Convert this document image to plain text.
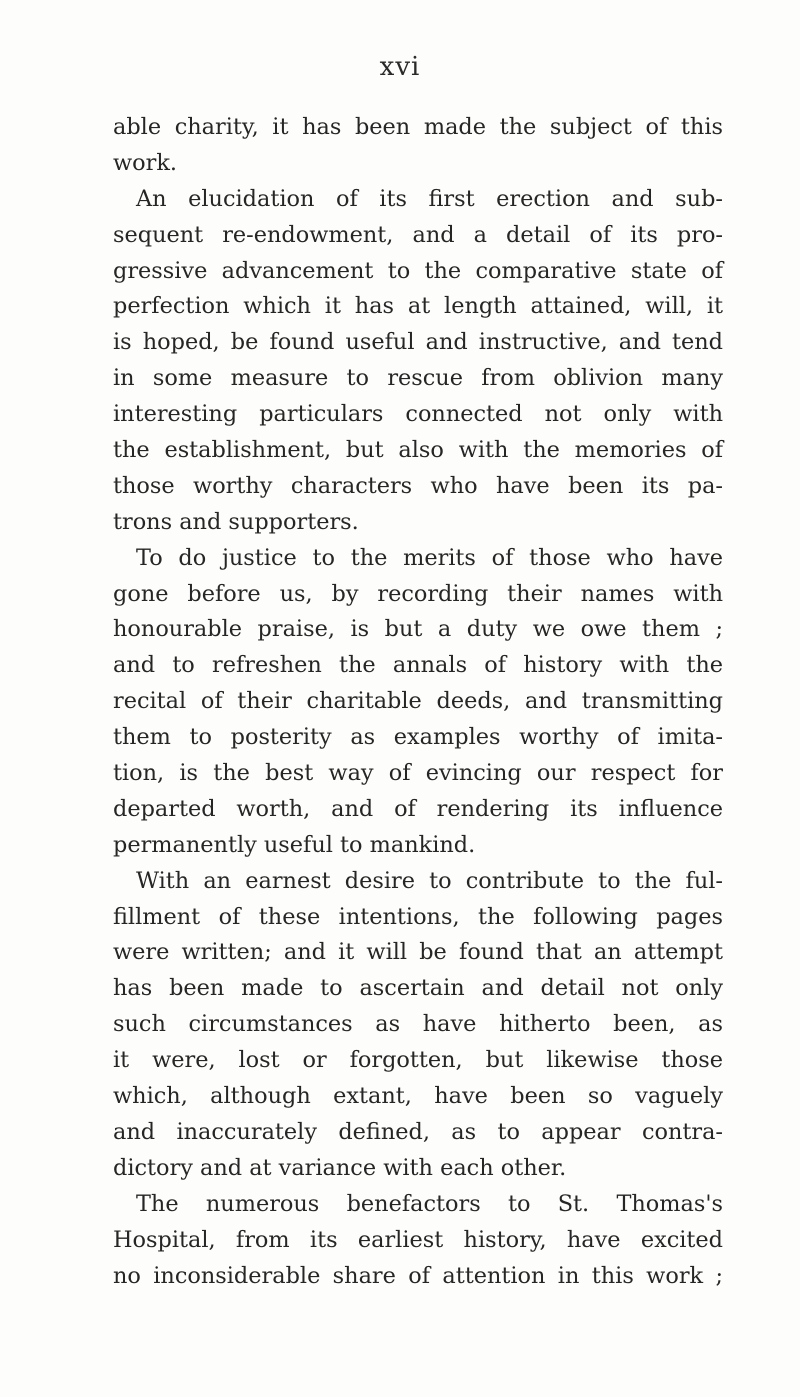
xvi
able charity, it has been made the subject of this
work.
An elucidation of its first erection and sub-
sequent re-endowment, and a detail of its pro-
gressive advancement to the comparative state of
perfection which it has at length attained, will, it
is hoped, be found useful and instructive, and tend
in some measure to rescue from oblivion many
interesting particulars connected not only with
the establishment, but also with the memories of
those worthy characters who have been its pa-
trons and supporters.
To do justice to the merits of those who have
gone before us, by recording their names with
honourable praise, is but a duty we owe them ;
and to refreshen the annals of history with the
recital of their charitable deeds, and transmitting
them to posterity as examples worthy of imita-
tion, is the best way of evincing our respect for
departed worth, and of rendering its influence
permanently useful to mankind.
With an earnest desire to contribute to the ful-
fillment of these intentions, the following pages
were written; and it will be found that an attempt
has been made to ascertain and detail not only
such circumstances as have hitherto been, as
it were, lost or forgotten, but likewise those
which, although extant, have been so vaguely
and inaccurately defined, as to appear contra-
dictory and at variance with each other.
The numerous benefactors to St. Thomas's
Hospital, from its earliest history, have excited
no inconsiderable share of attention in this work ;
